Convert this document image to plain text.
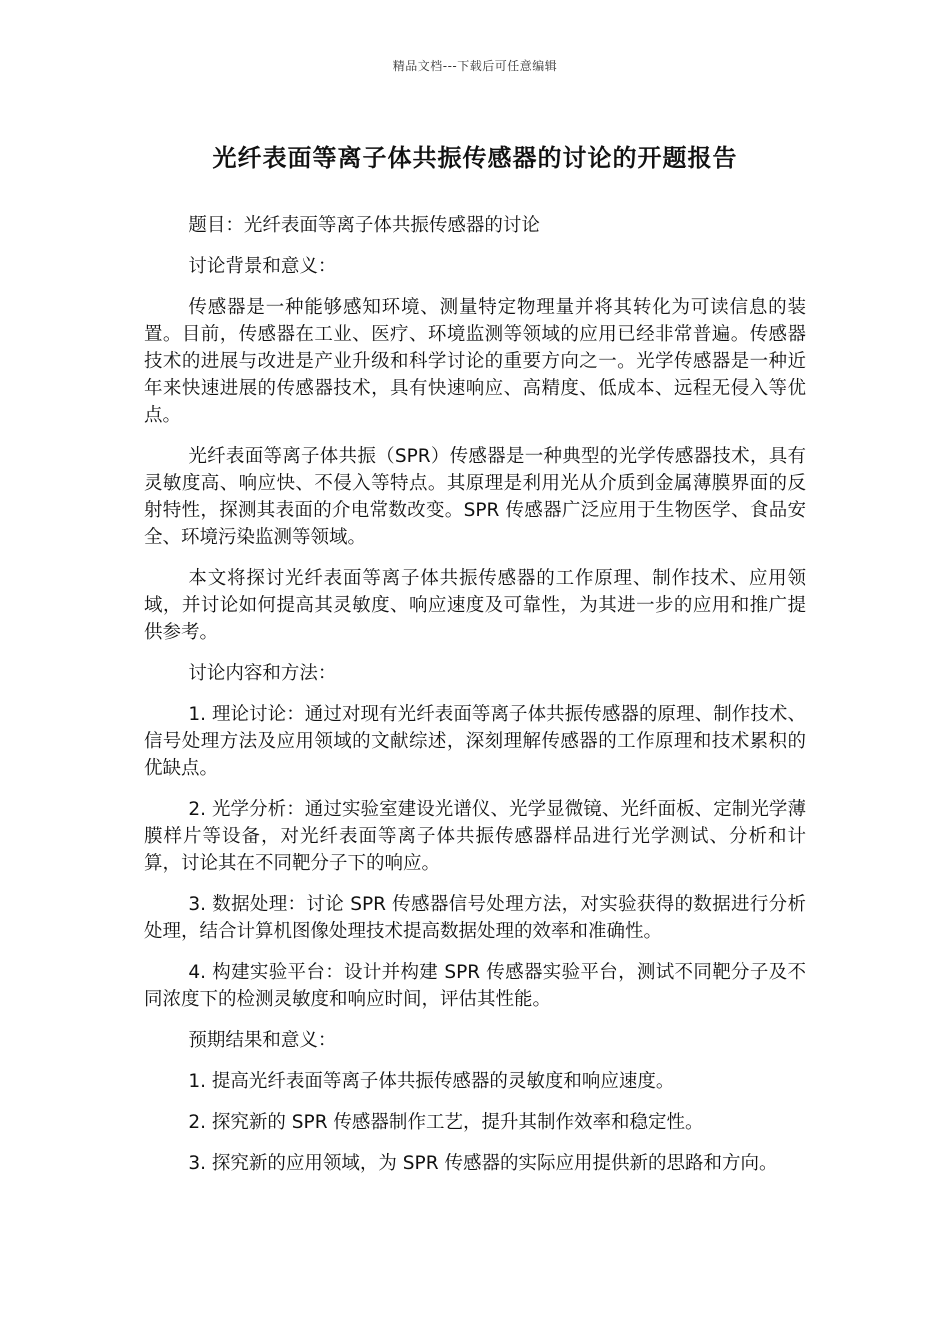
精品文档---下载后可任意编辑
光纤表面等离子体共振传感器的讨论的开题报告

题目：光纤表面等离子体共振传感器的讨论

讨论背景和意义：

传感器是一种能够感知环境、测量特定物理量并将其转化为可读信息的装置。目前，传感器在工业、医疗、环境监测等领域的应用已经非常普遍。传感器技术的进展与改进是产业升级和科学讨论的重要方向之一。光学传感器是一种近年来快速进展的传感器技术，具有快速响应、高精度、低成本、远程无侵入等优点。

光纤表面等离子体共振（SPR）传感器是一种典型的光学传感器技术，具有灵敏度高、响应快、不侵入等特点。其原理是利用光从介质到金属薄膜界面的反射特性，探测其表面的介电常数改变。SPR 传感器广泛应用于生物医学、食品安全、环境污染监测等领域。

本文将探讨光纤表面等离子体共振传感器的工作原理、制作技术、应用领域，并讨论如何提高其灵敏度、响应速度及可靠性，为其进一步的应用和推广提供参考。

讨论内容和方法：

1. 理论讨论：通过对现有光纤表面等离子体共振传感器的原理、制作技术、信号处理方法及应用领域的文献综述，深刻理解传感器的工作原理和技术累积的优缺点。

2. 光学分析：通过实验室建设光谱仪、光学显微镜、光纤面板、定制光学薄膜样片等设备，对光纤表面等离子体共振传感器样品进行光学测试、分析和计算，讨论其在不同靶分子下的响应。

3. 数据处理：讨论 SPR 传感器信号处理方法，对实验获得的数据进行分析处理，结合计算机图像处理技术提高数据处理的效率和准确性。

4. 构建实验平台：设计并构建 SPR 传感器实验平台，测试不同靶分子及不同浓度下的检测灵敏度和响应时间，评估其性能。

预期结果和意义：

1. 提高光纤表面等离子体共振传感器的灵敏度和响应速度。

2. 探究新的 SPR 传感器制作工艺，提升其制作效率和稳定性。

3. 探究新的应用领域，为 SPR 传感器的实际应用提供新的思路和方向。
